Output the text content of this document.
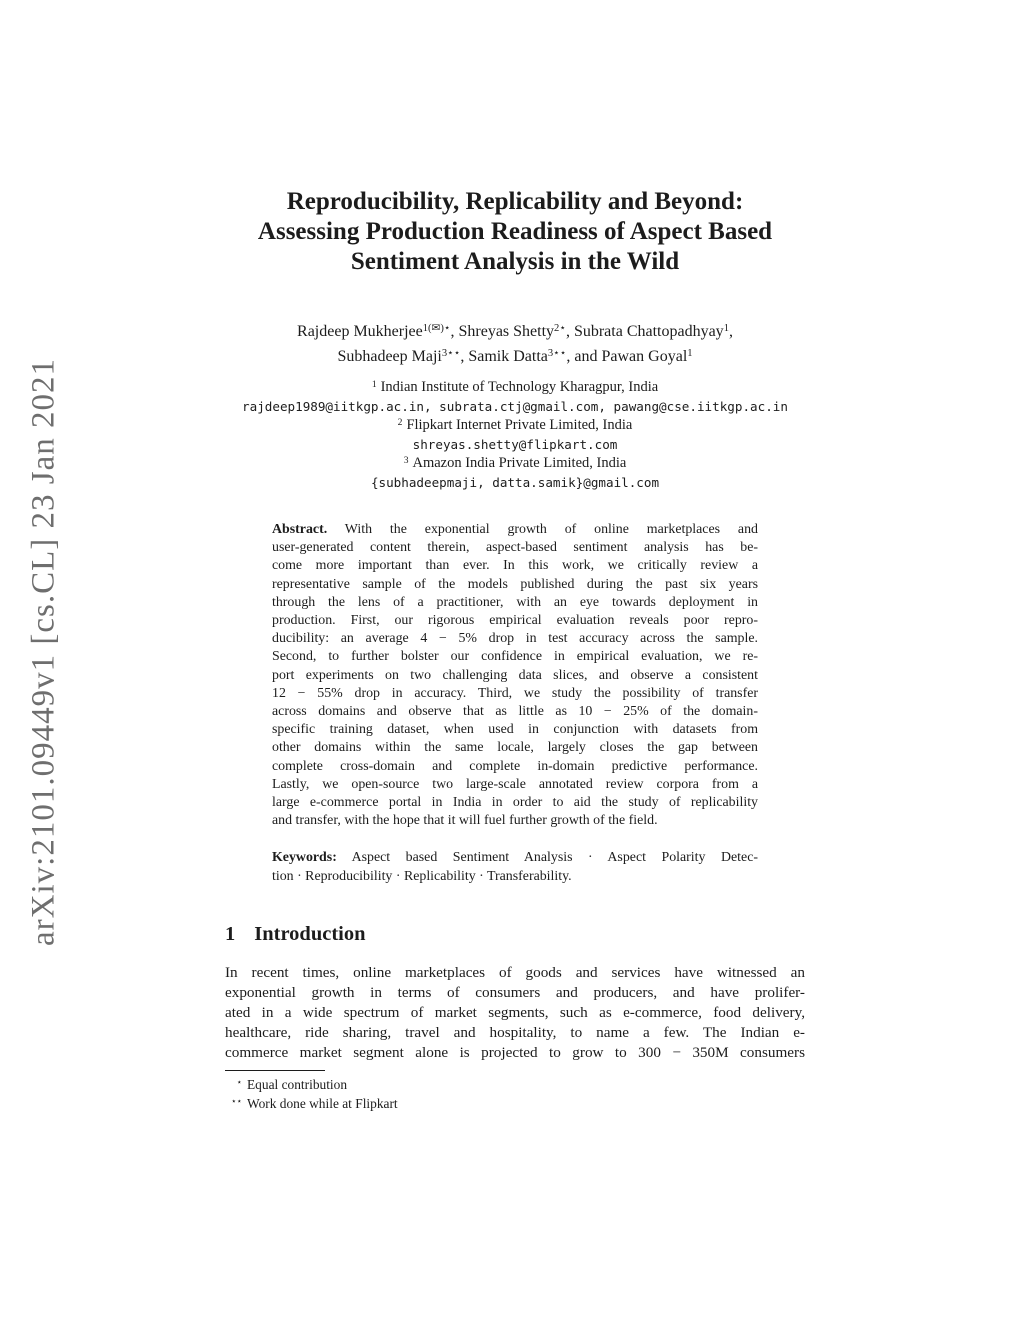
arXiv:2101.09449v1 [cs.CL] 23 Jan 2021
Reproducibility, Replicability and Beyond:
Assessing Production Readiness of Aspect Based
Sentiment Analysis in the Wild
Rajdeep Mukherjee$^{1(✉)⋆}$, Shreyas Shetty$^{2⋆}$, Subrata Chattopadhyay$^1$,
Subhadeep Maji$^{3⋆⋆}$, Samik Datta$^{3⋆⋆}$, and Pawan Goyal$^1$
$^1$ Indian Institute of Technology Kharagpur, India
rajdeep1989@iitkgp.ac.in, subrata.ctj@gmail.com, pawang@cse.iitkgp.ac.in
$^2$ Flipkart Internet Private Limited, India
shreyas.shetty@flipkart.com
$^3$ Amazon India Private Limited, India
{subhadeepmaji, datta.samik}@gmail.com
Abstract. With the exponential growth of online marketplaces and
user-generated content therein, aspect-based sentiment analysis has be-
come more important than ever. In this work, we critically review a
representative sample of the models published during the past six years
through the lens of a practitioner, with an eye towards deployment in
production. First, our rigorous empirical evaluation reveals poor repro-
ducibility: an average 4 − 5% drop in test accuracy across the sample.
Second, to further bolster our confidence in empirical evaluation, we re-
port experiments on two challenging data slices, and observe a consistent
12 − 55% drop in accuracy. Third, we study the possibility of transfer
across domains and observe that as little as 10 − 25% of the domain-
specific training dataset, when used in conjunction with datasets from
other domains within the same locale, largely closes the gap between
complete cross-domain and complete in-domain predictive performance.
Lastly, we open-source two large-scale annotated review corpora from a
large e-commerce portal in India in order to aid the study of replicability
and transfer, with the hope that it will fuel further growth of the field.
Keywords: Aspect based Sentiment Analysis · Aspect Polarity Detec-
tion · Reproducibility · Replicability · Transferability.
1 Introduction
In recent times, online marketplaces of goods and services have witnessed an
exponential growth in terms of consumers and producers, and have prolifer-
ated in a wide spectrum of market segments, such as e-commerce, food delivery,
healthcare, ride sharing, travel and hospitality, to name a few. The Indian e-
commerce market segment alone is projected to grow to 300 − 350M consumers
⋆ Equal contribution
⋆⋆ Work done while at Flipkart
